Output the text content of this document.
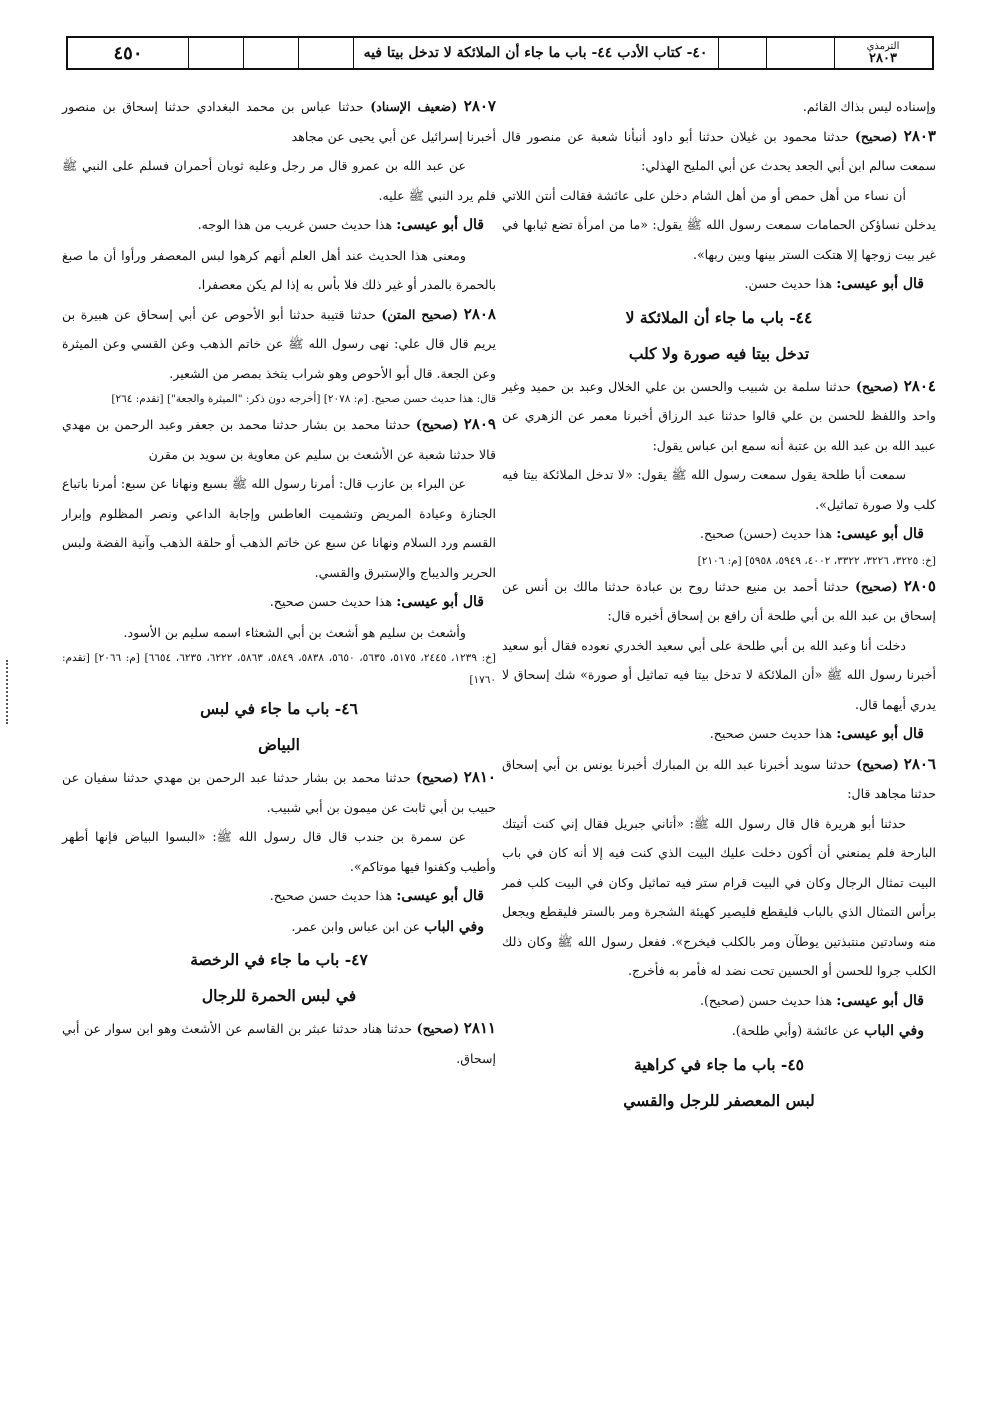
٤٥٠	٤٠- كتاب الأدب ٤٤- باب ما جاء أن الملائكة لا تدخل بيتا فيه	الترمذي
٢٨٠٣

وإسناده ليس بذاك القائم.

٢٨٠٣ (صحيح) حدثنا محمود بن غيلان حدثنا أبو داود أنبأنا شعبة عن منصور قال سمعت سالم ابن أبي الجعد يحدث عن أبي المليح الهذلي:

أن نساء من أهل حمص أو من أهل الشام دخلن على عائشة فقالت أنتن اللاتي يدخلن نساؤكن الحمامات سمعت رسول الله ﷺ يقول: «ما من امرأة تضع ثيابها في غير بيت زوجها إلا هتكت الستر بينها وبين ربها».

قال أبو عيسى: هذا حديث حسن.

٤٤- باب ما جاء أن الملائكة لا

تدخل بيتا فيه صورة ولا كلب

٢٨٠٤ (صحيح) حدثنا سلمة بن شبيب والحسن بن علي الخلال وعبد بن حميد وغير واحد واللفظ للحسن بن علي قالوا حدثنا عبد الرزاق أخبرنا معمر عن الزهري عن عبيد الله بن عبد الله بن عتبة أنه سمع ابن عباس يقول:

سمعت أبا طلحة يقول سمعت رسول الله ﷺ يقول: «لا تدخل الملائكة بيتا فيه كلب ولا صورة تماثيل».

قال أبو عيسى: هذا حديث (حسن) صحيح.

[خ: ٣٢٢٥، ٣٢٢٦، ٣٣٢٢، ٤٠٠٢، ٥٩٤٩، ٥٩٥٨] [م: ٢١٠٦]

٢٨٠٥ (صحيح) حدثنا أحمد بن منيع حدثنا روح بن عبادة حدثنا مالك بن أنس عن إسحاق بن عبد الله بن أبي طلحة أن رافع بن إسحاق أخبره قال:

دخلت أنا وعبد الله بن أبي طلحة على أبي سعيد الخدري نعوده فقال أبو سعيد أخبرنا رسول الله ﷺ «أن الملائكة لا تدخل بيتا فيه تماثيل أو صورة» شك إسحاق لا يدري أيهما قال.

قال أبو عيسى: هذا حديث حسن صحيح.

٢٨٠٦ (صحيح) حدثنا سويد أخبرنا عبد الله بن المبارك أخبرنا يونس بن أبي إسحاق حدثنا مجاهد قال:

حدثنا أبو هريرة قال قال رسول الله ﷺ: «أتاني جبريل فقال إني كنت أتيتك البارحة فلم يمنعني أن أكون دخلت عليك البيت الذي كنت فيه إلا أنه كان في باب البيت تمثال الرجال وكان في البيت قرام ستر فيه تماثيل وكان في البيت كلب فمر برأس التمثال الذي بالباب فليقطع فليصير كهيئة الشجرة ومر بالستر فليقطع ويجعل منه وسادتين منتبذتين يوطآن ومر بالكلب فيخرج». ففعل رسول الله ﷺ وكان ذلك الكلب جروا للحسن أو الحسين تحت نضد له فأمر به فأخرج.

قال أبو عيسى: هذا حديث حسن (صحيح).

وفي الباب عن عائشة (وأبي طلحة).

٤٥- باب ما جاء في كراهية

لبس المعصفر للرجل والقسي

٢٨٠٧ (ضعيف الإسناد) حدثنا عباس بن محمد البغدادي حدثنا إسحاق بن منصور أخبرنا إسرائيل عن أبي يحيى عن مجاهد

عن عبد الله بن عمرو قال مر رجل وعليه ثوبان أحمران فسلم على النبي ﷺ فلم يرد النبي ﷺ عليه.

قال أبو عيسى: هذا حديث حسن غريب من هذا الوجه.

ومعنى هذا الحديث عند أهل العلم أنهم كرهوا لبس المعصفر ورأوا أن ما صبغ بالحمرة بالمدر أو غير ذلك فلا بأس به إذا لم يكن معصفرا.

٢٨٠٨ (صحيح المتن) حدثنا قتيبة حدثنا أبو الأحوص عن أبي إسحاق عن هبيرة بن يريم قال قال علي: نهى رسول الله ﷺ عن خاتم الذهب وعن القسي وعن الميثرة وعن الجعة. قال أبو الأحوص وهو شراب يتخذ بمصر من الشعير.

قال: هذا حديث حسن صحيح. [م: ٢٠٧٨] [أخرجه دون ذكر: "الميثرة والجعة"] [تقدم: ٢٦٤]

٢٨٠٩ (صحيح) حدثنا محمد بن بشار حدثنا محمد بن جعفر وعبد الرحمن بن مهدي قالا حدثنا شعبة عن الأشعث بن سليم عن معاوية بن سويد بن مقرن

عن البراء بن عازب قال: أمرنا رسول الله ﷺ بسبع ونهانا عن سبع: أمرنا باتباع الجنازة وعيادة المريض وتشميت العاطس وإجابة الداعي ونصر المظلوم وإبرار القسم ورد السلام ونهانا عن سبع عن خاتم الذهب أو حلقة الذهب وآنية الفضة ولبس الحرير والديباج والإستبرق والقسي.

قال أبو عيسى: هذا حديث حسن صحيح.

وأشعث بن سليم هو أشعث بن أبي الشعثاء اسمه سليم بن الأسود.

[خ: ١٢٣٩، ٢٤٤٥، ٥١٧٥، ٥٦٣٥، ٥٦٥٠، ٥٨٣٨، ٥٨٤٩، ٥٨٦٣، ٦٢٢٢، ٦٢٣٥، ٦٦٥٤] [م: ٢٠٦٦] [تقدم: ١٧٦٠]

٤٦- باب ما جاء في لبس

البياض

٢٨١٠ (صحيح) حدثنا محمد بن بشار حدثنا عبد الرحمن بن مهدي حدثنا سفيان عن حبيب بن أبي ثابت عن ميمون بن أبي شبيب.

عن سمرة بن جندب قال قال رسول الله ﷺ: «البسوا البياض فإنها أطهر وأطيب وكفنوا فيها موتاكم».

قال أبو عيسى: هذا حديث حسن صحيح.

وفي الباب عن ابن عباس وابن عمر.

٤٧- باب ما جاء في الرخصة

في لبس الحمرة للرجال

٢٨١١ (صحيح) حدثنا هناد حدثنا عبثر بن القاسم عن الأشعث وهو ابن سوار عن أبي إسحاق.
